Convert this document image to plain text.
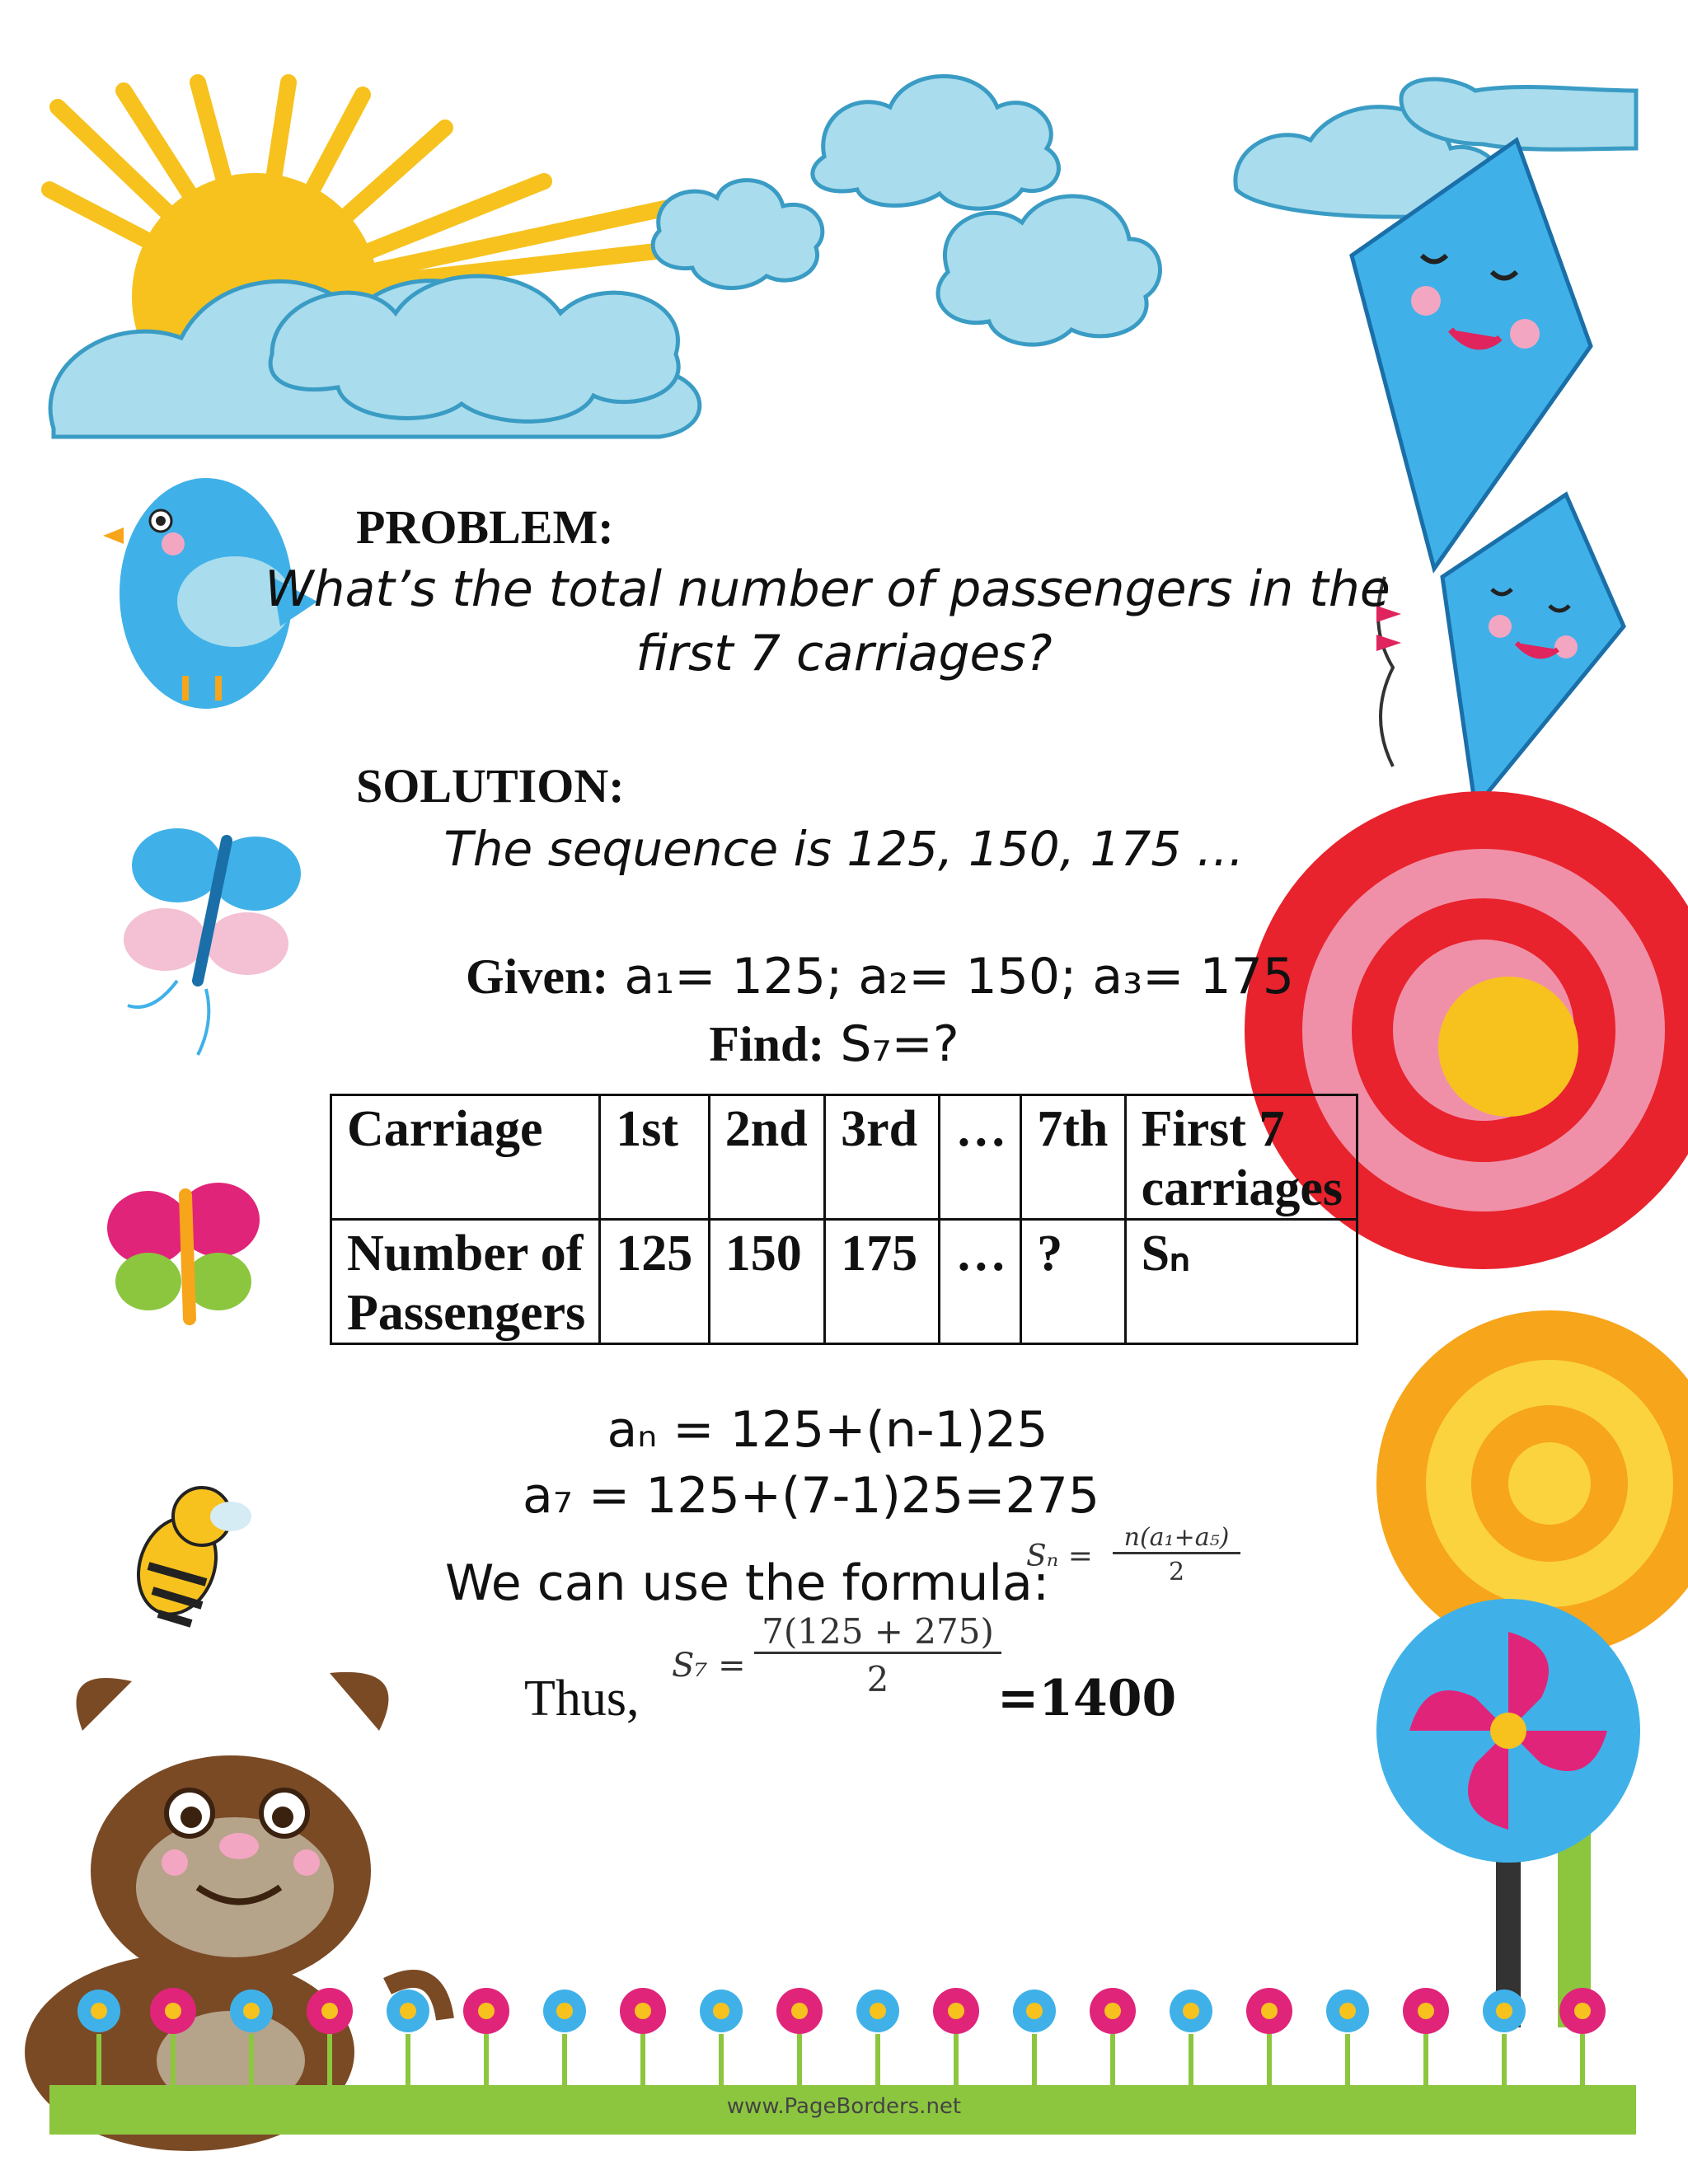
PROBLEM:
What’s the total number of passengers in the
first 7 carriages?
SOLUTION:
The sequence is 125, 150, 175 …
Given: a₁= 125; a₂= 150; a₃= 175
Find: S₇=?
Carriage	1st	2nd	3rd	…	7th	First 7 carriages
Number of Passengers	125	150	175	…	?	Sₙ
aₙ = 125+(n-1)25
a₇ = 125+(7-1)25=275
We can use the formula:
$S_n = \frac{\text{n(a₁+a₅)}}{2}$
Thus,
$S_7 = \frac{7(125 + 275)}{2}$
=1400
www.PageBorders.net
